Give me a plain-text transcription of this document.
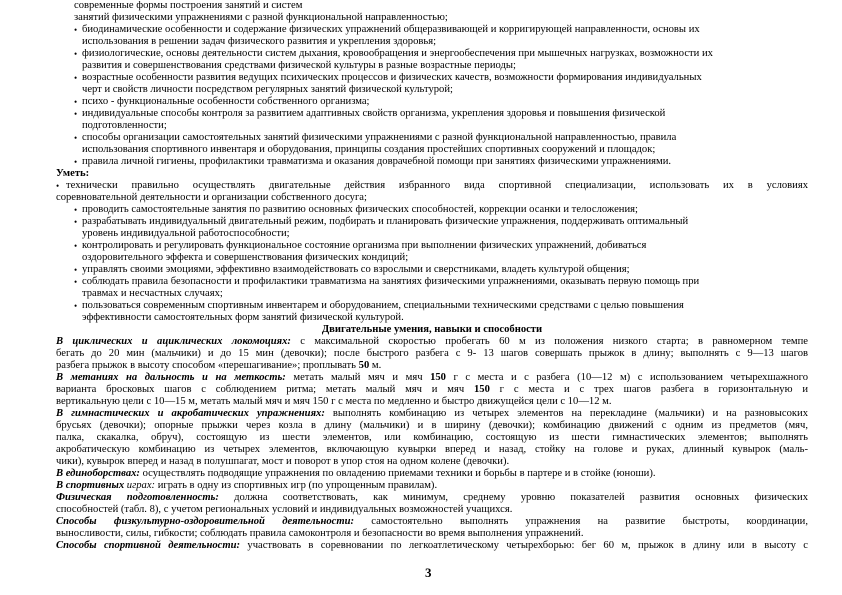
современные формы построения занятий и систем
занятий физическими упражнениями с разной функциональной направленностью;
• биодинамические особенности и содержание физических упражнений общеразвивающей и корригирующей направленности, основы их
использования в решении задач физического развития и укрепления здоровья;
• физиологические, основы деятельности систем дыхания, кровообращения и энергообеспечения при мышечных нагрузках, возможности их
развития и совершенствования средствами физической культуры в разные возрастные периоды;
• возрастные особенности развития ведущих психических процессов и физических качеств, возможности формирования индивидуальных
черт и свойств личности посредством регулярных занятий физической культурой;
• психо - функциональные особенности собственного организма;
• индивидуальные способы контроля за развитием адаптивных свойств организма, укрепления здоровья и повышения физической
подготовленности;
• способы организации самостоятельных занятий физическими упражнениями с разной функциональной направленностью, правила
использования спортивного инвентаря и оборудования, принципы создания простейших спортивных сооружений и площадок;
• правила личной гигиены, профилактики травматизма и оказания доврачебной помощи при занятиях физическими упражнениями.
Уметь:
• технически правильно осуществлять двигательные действия избранного вида спортивной специализации, использовать их в условиях
соревновательной деятельности и организации собственного досуга;
• проводить самостоятельные занятия по развитию основных физических способностей, коррекции осанки и телосложения;
• разрабатывать индивидуальный двигательный режим, подбирать и планировать физические упражнения, поддерживать оптимальный
уровень индивидуальной работоспособности;
• контролировать и регулировать функциональное состояние организма при выполнении физических упражнений, добиваться
оздоровительного эффекта и совершенствования физических кондиций;
• управлять своими эмоциями, эффективно взаимодействовать со взрослыми и сверстниками, владеть культурой общения;
• соблюдать правила безопасности и профилактики травматизма на занятиях физическими упражнениями, оказывать первую помощь при
травмах и несчастных случаях;
• пользоваться современным спортивным инвентарем и оборудованием, специальными техническими средствами с целью повышения
эффективности самостоятельных форм занятий физической культурой.
Двигательные умения, навыки и способности
В циклических и ациклических локомоциях: с максимальной скоростью пробегать 60 м из положения низкого старта; в равномерном темпе
бегать до 20 мин (мальчики) и до 15 мин (девочки); после быстрого разбега с 9- 13 шагов совершать прыжок в длину; выполнять с 9—13 шагов
разбега прыжок в высоту способом «перешагивание»; проплывать 50 м.
В метаниях на дальность и на меткость: метать малый мяч и мяч 150 г с места и с разбега (10—12 м) с использованием четырехшажного
варианта бросковых шагов с соблюдением ритма; метать малый мяч и мяч 150 г с места и с трех шагов разбега в горизонтальную и
вертикальную цели с 10—15 м, метать малый мяч и мяч 150 г с места по медленно и быстро движущейся цели с 10—12 м.
В гимнастических и акробатических упражнениях: выполнять комбинацию из четырех элементов на перекладине (мальчики) и на разновысоких
брусьях (девочки); опорные прыжки через козла в длину (мальчики) и в ширину (девочки); комбинацию движений с одним из предметов (мяч,
палка, скакалка, обруч), состоящую из шести элементов, или комбинацию, состоящую из шести гимнастических элементов; выполнять
акробатическую комбинацию из четырех элементов, включающую кувырки вперед и назад, стойку на голове и руках, длинный кувырок (маль-
чики), кувырок вперед и назад в полушпагат, мост и поворот в упор стоя на одном колене (девочки).
В единоборствах: осуществлять подводящие упражнения по овладению приемами техники и борьбы в партере и в стойке (юноши).
В спортивных играх: играть в одну из спортивных игр (по упрощенным правилам).
Физическая подготовленность: должна соответствовать, как минимум, среднему уровню показателей развития основных физических
способностей (табл. 8), с учетом региональных условий и индивидуальных возможностей учащихся.
Способы физкультурно-оздоровительной деятельности: самостоятельно выполнять упражнения на развитие быстроты, координации,
выносливости, силы, гибкости; соблюдать правила самоконтроля и безопасности во время выполнения упражнений.
Способы спортивной деятельности: участвовать в соревновании по легкоатлетическому четырехборью: бег 60 м, прыжок в длину или в высоту с
3
